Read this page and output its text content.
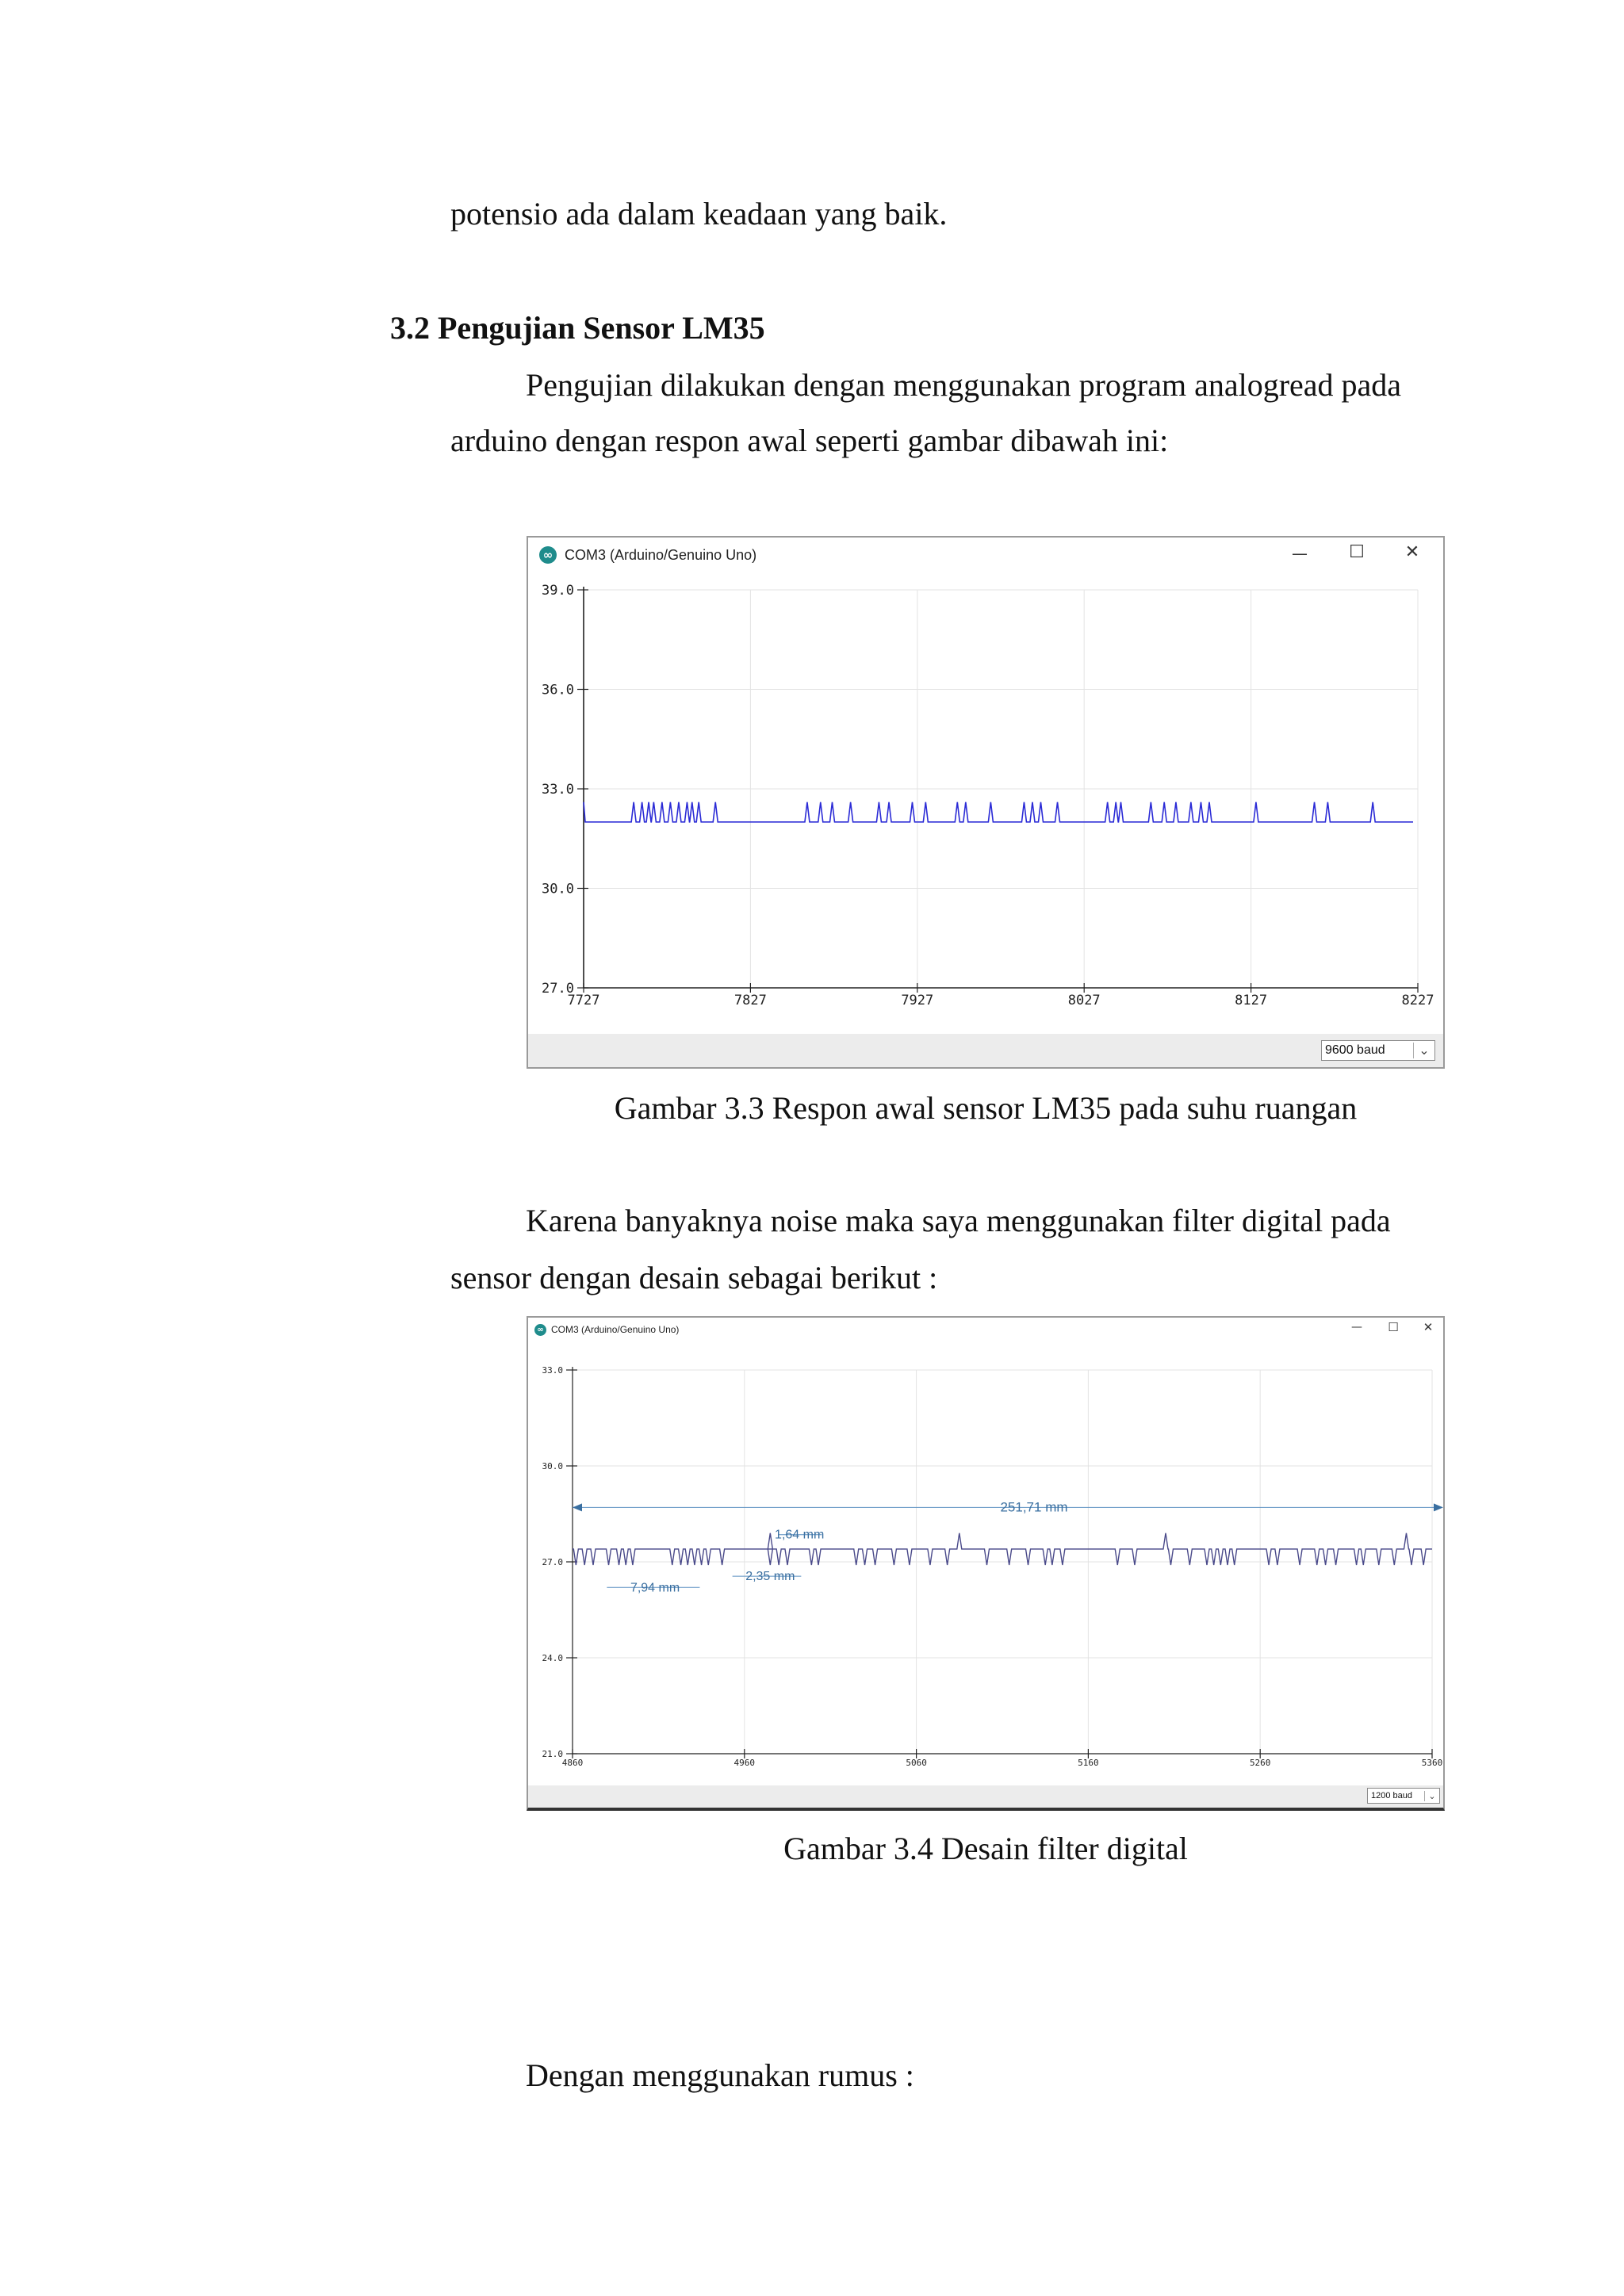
potensio ada dalam keadaan yang baik.
3.2 Pengujian Sensor LM35
Pengujian dilakukan dengan menggunakan program analogread pada
arduino dengan respon awal seperti gambar dibawah ini:
∞ COM3 (Arduino/Genuino Uno)	— ☐ ✕
39.0
36.0
33.0
30.0
27.0
7727	7827	7927	8027	8127	8227
9600 baud	⌄
Gambar 3.3 Respon awal sensor LM35 pada suhu ruangan
Karena banyaknya noise maka saya menggunakan filter digital pada
sensor dengan desain sebagai berikut :
∞ COM3 (Arduino/Genuino Uno)	— ☐	✕
33.0
30.0
27.0
24.0
21.0
4860	4960	5060	5160	5260	5360
251,71 mm
1,64 mm
2,35 mm
7,94 mm
1200 baud	⌄
Gambar 3.4 Desain filter digital
Dengan menggunakan rumus :
